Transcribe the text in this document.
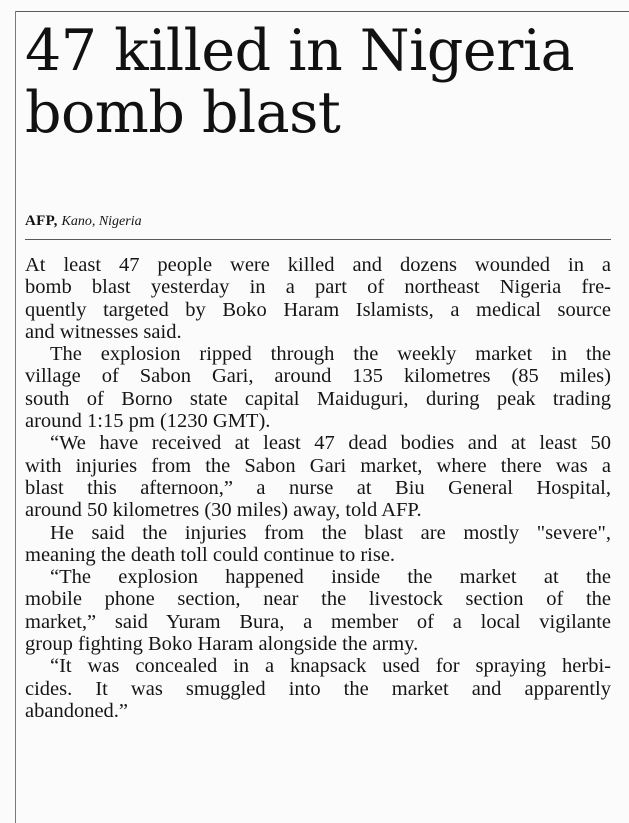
47 killed in Nigeria
bomb blast
AFP, Kano, Nigeria
At least 47 people were killed and dozens wounded in a
bomb blast yesterday in a part of northeast Nigeria fre-
quently targeted by Boko Haram Islamists, a medical source
and witnesses said.
The explosion ripped through the weekly market in the
village of Sabon Gari, around 135 kilometres (85 miles)
south of Borno state capital Maiduguri, during peak trading
around 1:15 pm (1230 GMT).
“We have received at least 47 dead bodies and at least 50
with injuries from the Sabon Gari market, where there was a
blast this afternoon,” a nurse at Biu General Hospital,
around 50 kilometres (30 miles) away, told AFP.
He said the injuries from the blast are mostly "severe",
meaning the death toll could continue to rise.
“The explosion happened inside the market at the
mobile phone section, near the livestock section of the
market,” said Yuram Bura, a member of a local vigilante
group fighting Boko Haram alongside the army.
“It was concealed in a knapsack used for spraying herbi-
cides. It was smuggled into the market and apparently
abandoned.”
